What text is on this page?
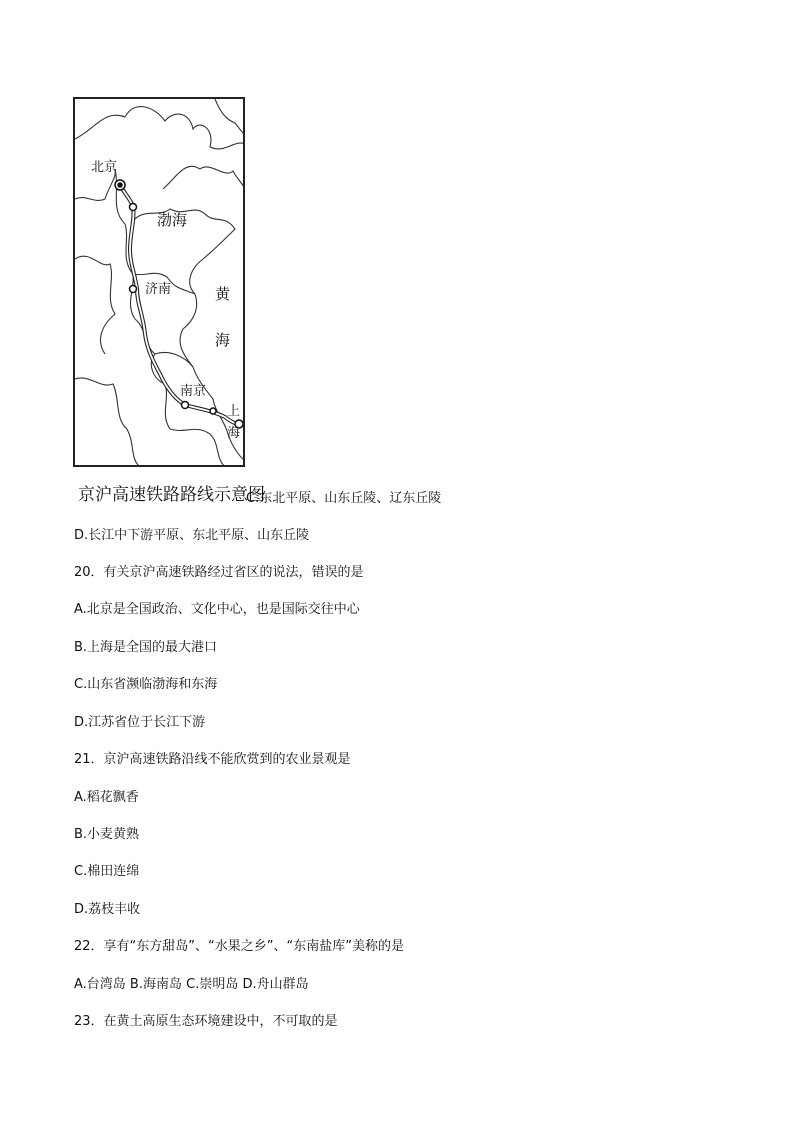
北京
渤海
济南	黄
海
南京
上
海
京沪高速铁路路线示意图
C.东北平原、山东丘陵、辽东丘陵
D.长江中下游平原、东北平原、山东丘陵
20．有关京沪高速铁路经过省区的说法，错误的是
A.北京是全国政治、文化中心，也是国际交往中心
B.上海是全国的最大港口
C.山东省濒临渤海和东海
D.江苏省位于长江下游
21．京沪高速铁路沿线不能欣赏到的农业景观是
A.稻花飘香
B.小麦黄熟
C.棉田连绵
D.荔枝丰收
22．享有“东方甜岛”、“水果之乡”、“东南盐库”美称的是
A.台湾岛 B.海南岛 C.崇明岛 D.舟山群岛
23．在黄土高原生态环境建设中，不可取的是
